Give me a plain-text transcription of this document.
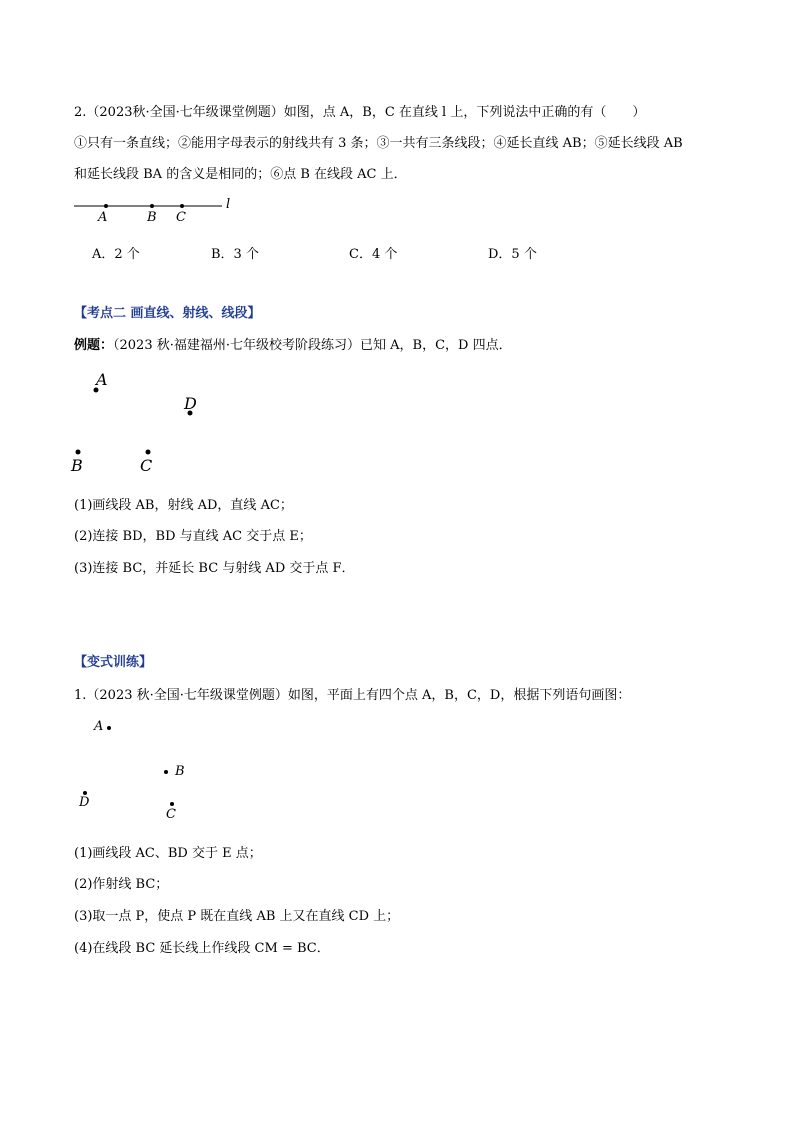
2.（2023秋·全国·七年级课堂例题）如图，点 A，B，C 在直线 l 上，下列说法中正确的有（　　）
①只有一条直线；②能用字母表示的射线共有 3 条；③一共有三条线段；④延长直线 AB；⑤延长线段 AB
和延长线段 BA 的含义是相同的；⑥点 B 在线段 AC 上．
A	B C
l
A．2 个	B．3 个	C．4 个	D．5 个
【考点二 画直线、射线、线段】
例题：（2023 秋·福建福州·七年级校考阶段练习）已知 A，B，C，D 四点．
A
D
B	C
(1)画线段 AB，射线 AD，直线 AC；
(2)连接 BD，BD 与直线 AC 交于点 E；
(3)连接 BC，并延长 BC 与射线 AD 交于点 F．
【变式训练】
1.（2023 秋·全国·七年级课堂例题）如图，平面上有四个点 A，B，C，D，根据下列语句画图：
A
B
D
C
(1)画线段 AC、BD 交于 E 点；
(2)作射线 BC；
(3)取一点 P，使点 P 既在直线 AB 上又在直线 CD 上；
(4)在线段 BC 延长线上作线段 CM = BC．
